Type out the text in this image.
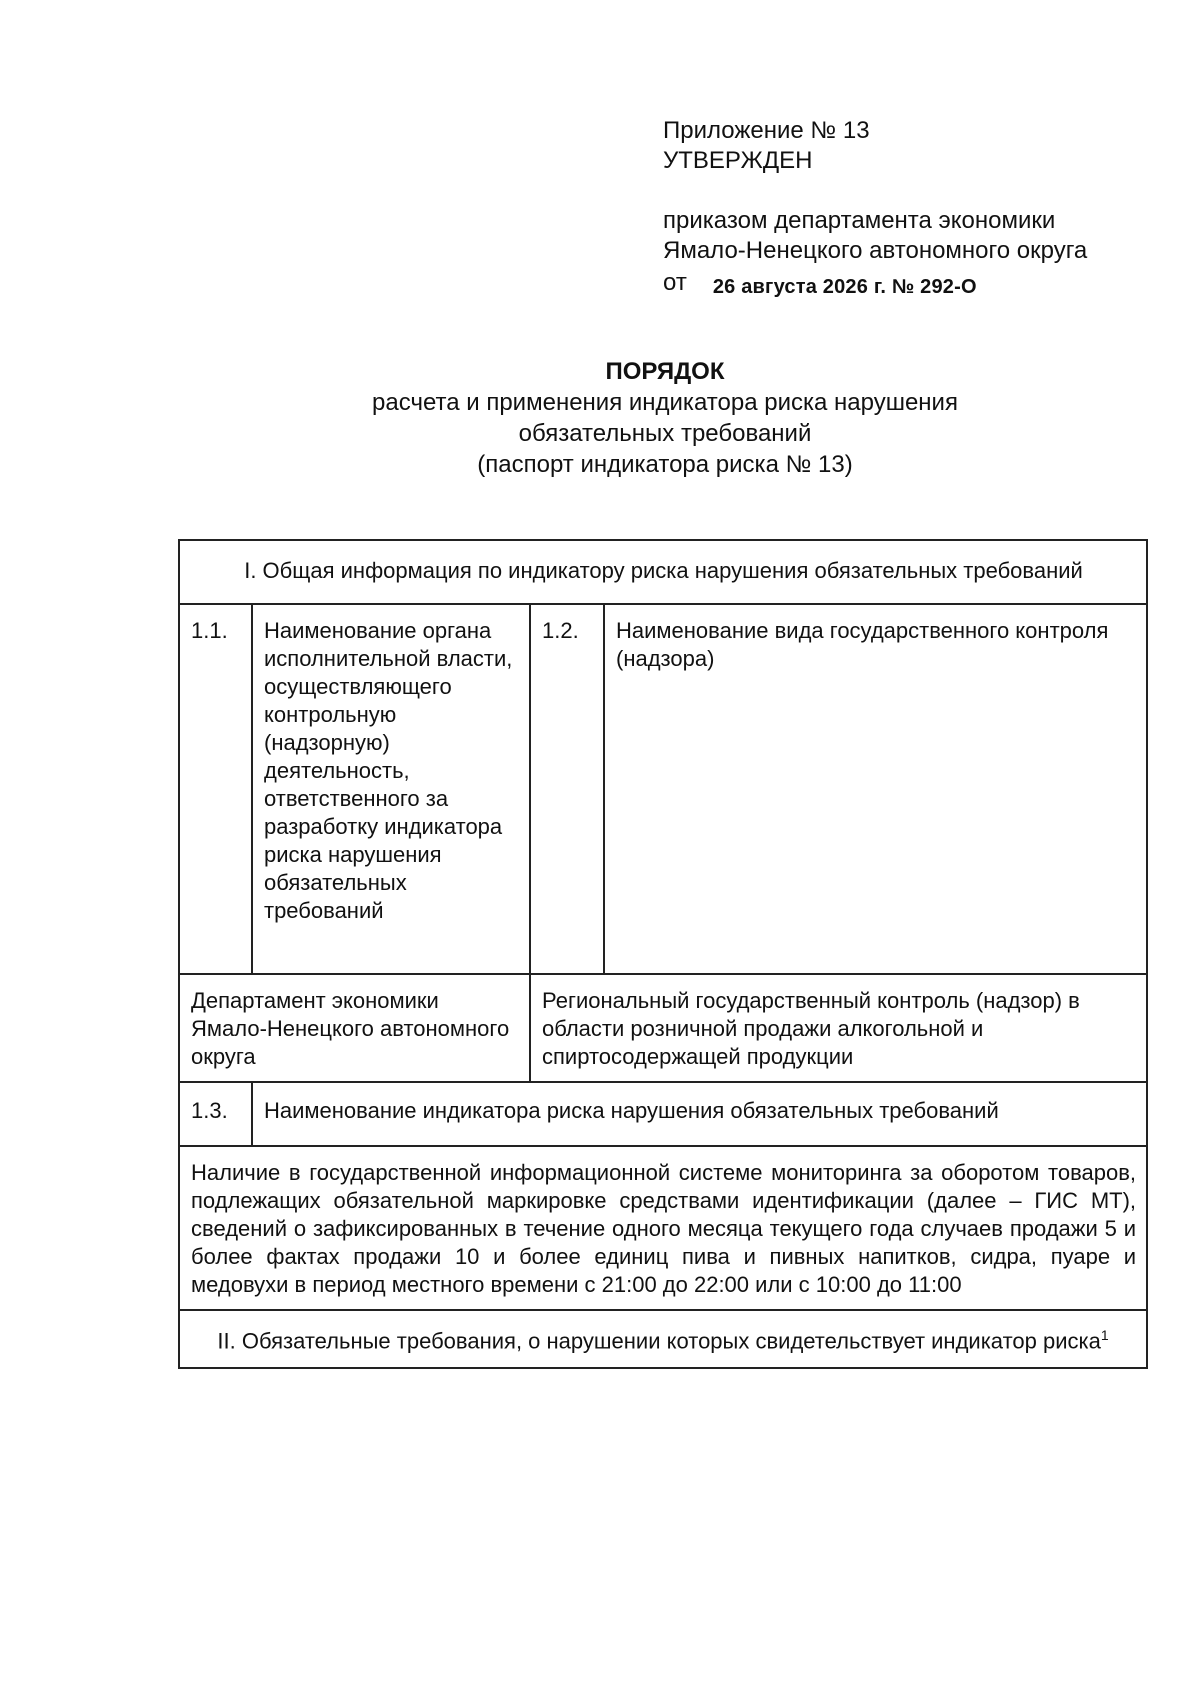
Приложение № 13
УТВЕРЖДЕН
приказом департамента экономики
Ямало-Ненецкого автономного округа
от 26 августа 2026 г. № 292-О
ПОРЯДОК
расчета и применения индикатора риска нарушения
обязательных требований
(паспорт индикатора риска № 13)
I. Общая информация по индикатору риска нарушения обязательных требований			
1.1.	Наименование органа исполнительной власти, осуществляющего контрольную (надзорную) деятельность, ответственного за разработку индикатора риска нарушения обязательных требований	1.2.	Наименование вида государственного контроля (надзора)
Департамент экономики Ямало-Ненецкого автономного округа		Региональный государственный контроль (надзор) в области розничной продажи алкогольной и спиртосодержащей продукции	
1.3.	Наименование индикатора риска нарушения обязательных требований		
Наличие в государственной информационной системе мониторинга за оборотом товаров, подлежащих обязательной маркировке средствами идентификации (далее – ГИС МТ), сведений о зафиксированных в течение одного месяца текущего года случаев продажи 5 и более фактах продажи 10 и более единиц пива и пивных напитков, сидра, пуаре и медовухи в период местного времени с 21:00 до 22:00 или с 10:00 до 11:00			
II. Обязательные требования, о нарушении которых свидетельствует индикатор риска$^1$
